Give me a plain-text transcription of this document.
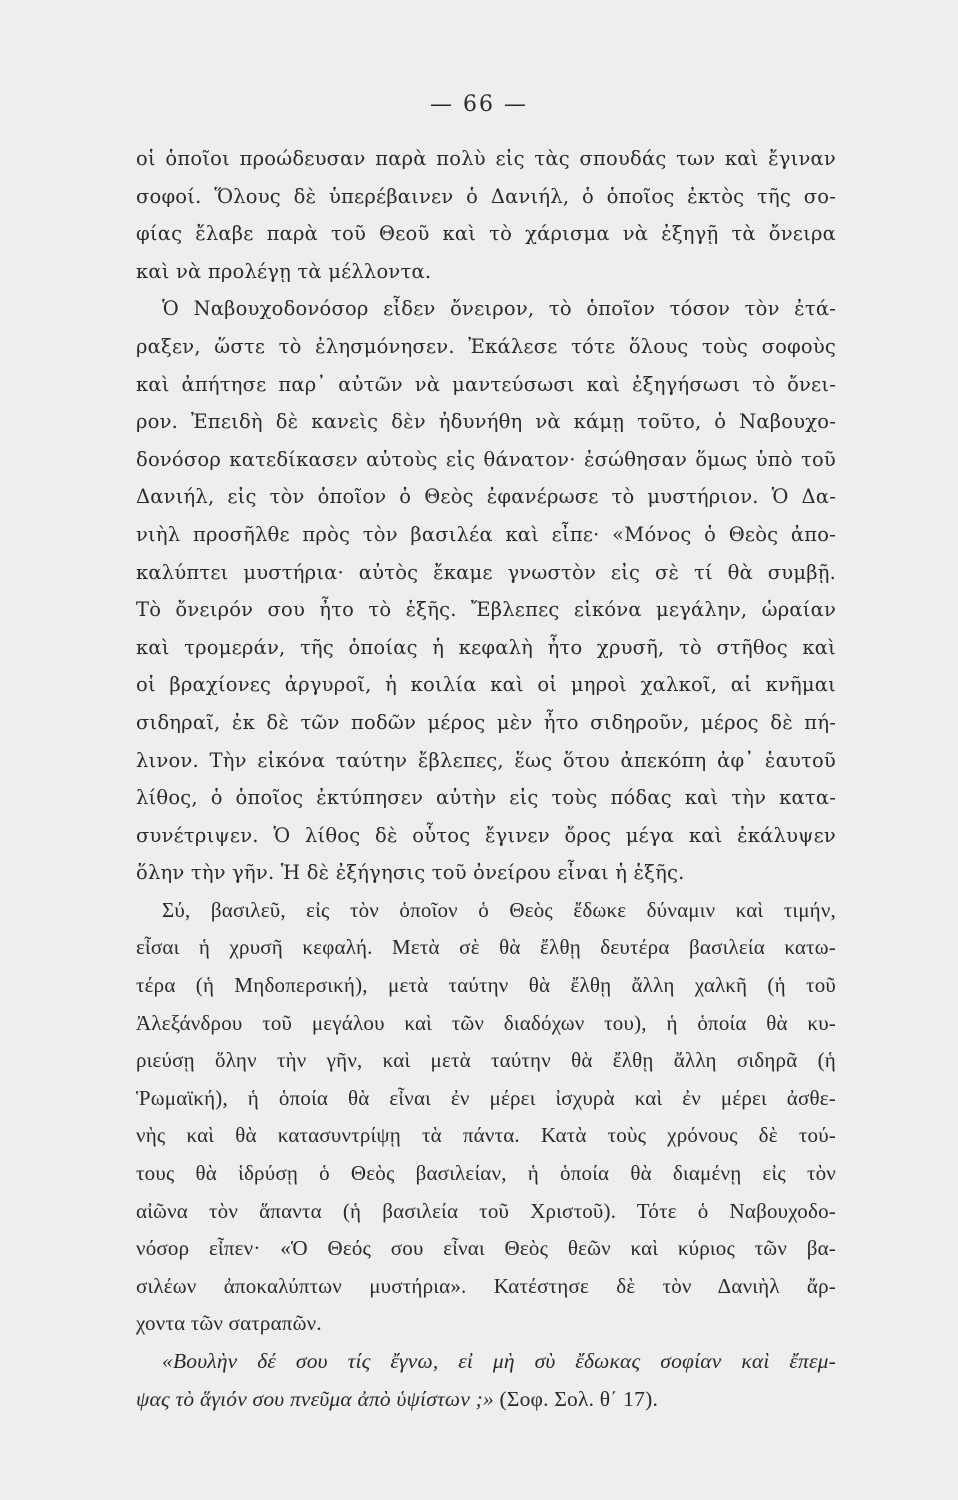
— 66 —
οἱ ὁποῖοι προώδευσαν παρὰ πολὺ εἰς τὰς σπουδάς των καὶ ἔγιναν
σοφοί. Ὅλους δὲ ὑπερέβαινεν ὁ Δανιήλ, ὁ ὁποῖος ἐκτὸς τῆς σο-
φίας ἔλαβε παρὰ τοῦ Θεοῦ καὶ τὸ χάρισμα νὰ ἐξηγῇ τὰ ὄνειρα
καὶ νὰ προλέγῃ τὰ μέλλοντα.
Ὁ Ναβουχοδονόσορ εἶδεν ὄνειρον, τὸ ὁποῖον τόσον τὸν ἐτά-
ραξεν, ὥστε τὸ ἐλησμόνησεν. Ἐκάλεσε τότε ὅλους τοὺς σοφοὺς
καὶ ἀπήτησε παρ᾽ αὐτῶν νὰ μαντεύσωσι καὶ ἐξηγήσωσι τὸ ὄνει-
ρον. Ἐπειδὴ δὲ κανεὶς δὲν ἠδυνήθη νὰ κάμῃ τοῦτο, ὁ Ναβουχο-
δονόσορ κατεδίκασεν αὐτοὺς εἰς θάνατον· ἐσώθησαν ὅμως ὑπὸ τοῦ
Δανιήλ, εἰς τὸν ὁποῖον ὁ Θεὸς ἐφανέρωσε τὸ μυστήριον. Ὁ Δα-
νιὴλ προσῆλθε πρὸς τὸν βασιλέα καὶ εἶπε· «Μόνος ὁ Θεὸς ἀπο-
καλύπτει μυστήρια· αὐτὸς ἔκαμε γνωστὸν εἰς σὲ τί θὰ συμβῇ.
Τὸ ὄνειρόν σου ἦτο τὸ ἑξῆς. Ἔβλεπες εἰκόνα μεγάλην, ὡραίαν
καὶ τρομεράν, τῆς ὁποίας ἡ κεφαλὴ ἦτο χρυσῆ, τὸ στῆθος καὶ
οἱ βραχίονες ἀργυροῖ, ἡ κοιλία καὶ οἱ μηροὶ χαλκοῖ, αἱ κνῆμαι
σιδηραῖ, ἐκ δὲ τῶν ποδῶν μέρος μὲν ἦτο σιδηροῦν, μέρος δὲ πή-
λινον. Τὴν εἰκόνα ταύτην ἔβλεπες, ἕως ὅτου ἀπεκόπη ἀφ᾽ ἑαυτοῦ
λίθος, ὁ ὁποῖος ἐκτύπησεν αὐτὴν εἰς τοὺς πόδας καὶ τὴν κατα-
συνέτριψεν. Ὁ λίθος δὲ οὗτος ἔγινεν ὄρος μέγα καὶ ἐκάλυψεν
ὅλην τὴν γῆν. Ἡ δὲ ἐξήγησις τοῦ ὀνείρου εἶναι ἡ ἑξῆς.
Σύ, βασιλεῦ, εἰς τὸν ὁποῖον ὁ Θεὸς ἔδωκε δύναμιν καὶ τιμήν,
εἶσαι ἡ χρυσῆ κεφαλή. Μετὰ σὲ θὰ ἔλθῃ δευτέρα βασιλεία κατω-
τέρα (ἡ Μηδοπερσική), μετὰ ταύτην θὰ ἔλθῃ ἄλλη χαλκῆ (ἡ τοῦ
Ἀλεξάνδρου τοῦ μεγάλου καὶ τῶν διαδόχων του), ἡ ὁποία θὰ κυ-
ριεύσῃ ὅλην τὴν γῆν, καὶ μετὰ ταύτην θὰ ἔλθῃ ἄλλη σιδηρᾶ (ἡ
Ῥωμαϊκή), ἡ ὁποία θὰ εἶναι ἐν μέρει ἰσχυρὰ καὶ ἐν μέρει ἀσθε-
νὴς καὶ θὰ κατασυντρίψῃ τὰ πάντα. Κατὰ τοὺς χρόνους δὲ τού-
τους θὰ ἱδρύσῃ ὁ Θεὸς βασιλείαν, ἡ ὁποία θὰ διαμένῃ εἰς τὸν
αἰῶνα τὸν ἅπαντα (ἡ βασιλεία τοῦ Χριστοῦ). Τότε ὁ Ναβουχοδο-
νόσορ εἶπεν· «Ὁ Θεός σου εἶναι Θεὸς θεῶν καὶ κύριος τῶν βα-
σιλέων ἀποκαλύπτων μυστήρια». Κατέστησε δὲ τὸν Δανιὴλ ἄρ-
χοντα τῶν σατραπῶν.
«Βουλὴν δέ σου τίς ἔγνω, εἰ μὴ σὺ ἔδωκας σοφίαν καὶ ἔπεμ-
ψας τὸ ἅγιόν σου πνεῦμα ἀπὸ ὑψίστων ;» (Σοφ. Σολ. θ΄ 17).
